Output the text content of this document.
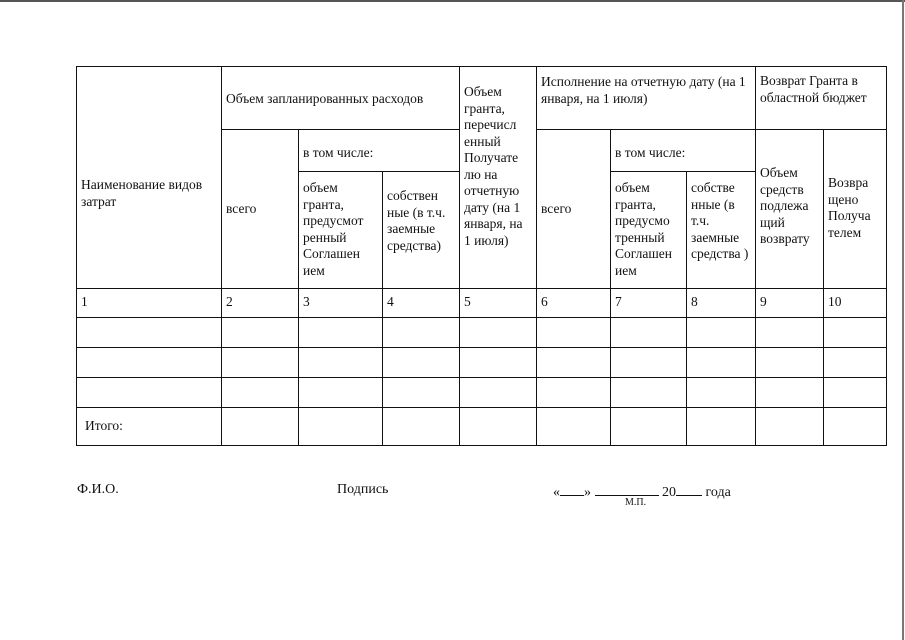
Наименование видов затрат	Объем запланированных расходов			Объем гранта, перечисл енный Получате лю на отчетную дату (на 1 января, на 1 июля)	Исполнение на отчетную дату (на 1 января, на 1 июля)			Возврат Гранта в областной бюджет	

	всего	в том числе:			всего	в том числе:		Объем средств подлежа щий возврату	Возвра щено Получа телем

		объем гранта, предусмот ренный Соглашен ием	собствен ные (в т.ч. заемные средства)			объем гранта, предусмо тренный Соглашен ием	собстве нные (в т.ч. заемные средства )		

1	2	3	4	5	6	7	8	9	10

Итого:									

Ф.И.О.	Подпись	« »	20 года
М.П.
